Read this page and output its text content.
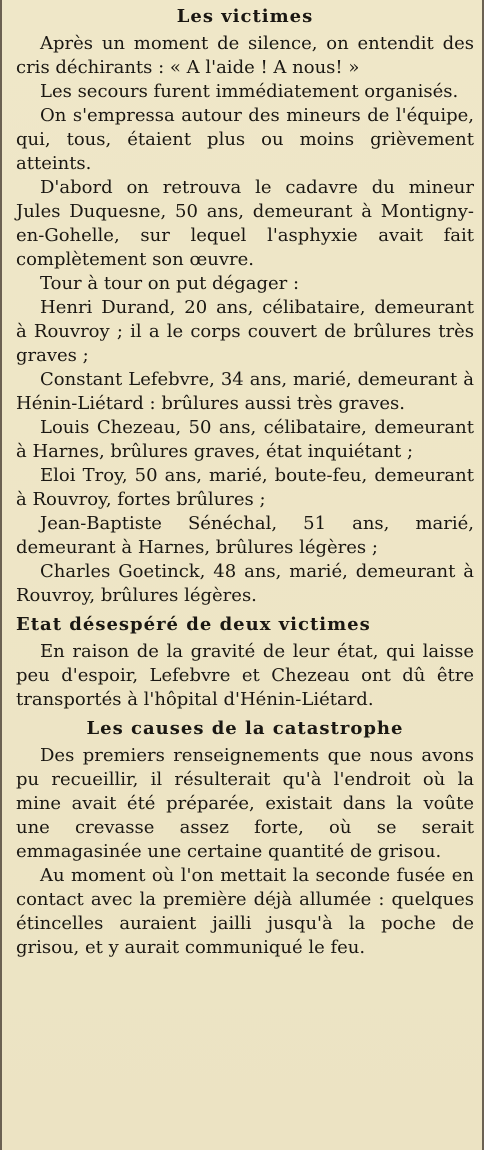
Les victimes

Après un moment de silence, on entendit des cris déchirants : « A l'aide ! A nous! »

Les secours furent immédiatement organisés.

On s'empressa autour des mineurs de l'équipe, qui, tous, étaient plus ou moins grièvement atteints.

D'abord on retrouva le cadavre du mineur Jules Duquesne, 50 ans, demeurant à Montigny-en-Gohelle, sur lequel l'asphyxie avait fait complètement son œuvre.

Tour à tour on put dégager :

Henri Durand, 20 ans, célibataire, demeurant à Rouvroy ; il a le corps couvert de brûlures très graves ;

Constant Lefebvre, 34 ans, marié, demeurant à Hénin-Liétard : brûlures aussi très graves.

Louis Chezeau, 50 ans, célibataire, demeurant à Harnes, brûlures graves, état inquiétant ;

Eloi Troy, 50 ans, marié, boute-feu, demeurant à Rouvroy, fortes brûlures ;

Jean-Baptiste Sénéchal, 51 ans, marié, demeurant à Harnes, brûlures légères ;

Charles Goetinck, 48 ans, marié, demeurant à Rouvroy, brûlures légères.

Etat désespéré de deux victimes

En raison de la gravité de leur état, qui laisse peu d'espoir, Lefebvre et Chezeau ont dû être transportés à l'hôpital d'Hénin-Liétard.

Les causes de la catastrophe

Des premiers renseignements que nous avons pu recueillir, il résulterait qu'à l'endroit où la mine avait été préparée, existait dans la voûte une crevasse assez forte, où se serait emmagasinée une certaine quantité de grisou.

Au moment où l'on mettait la seconde fusée en contact avec la première déjà allumée : quelques étincelles auraient jailli jusqu'à la poche de grisou, et y aurait communiqué le feu.
